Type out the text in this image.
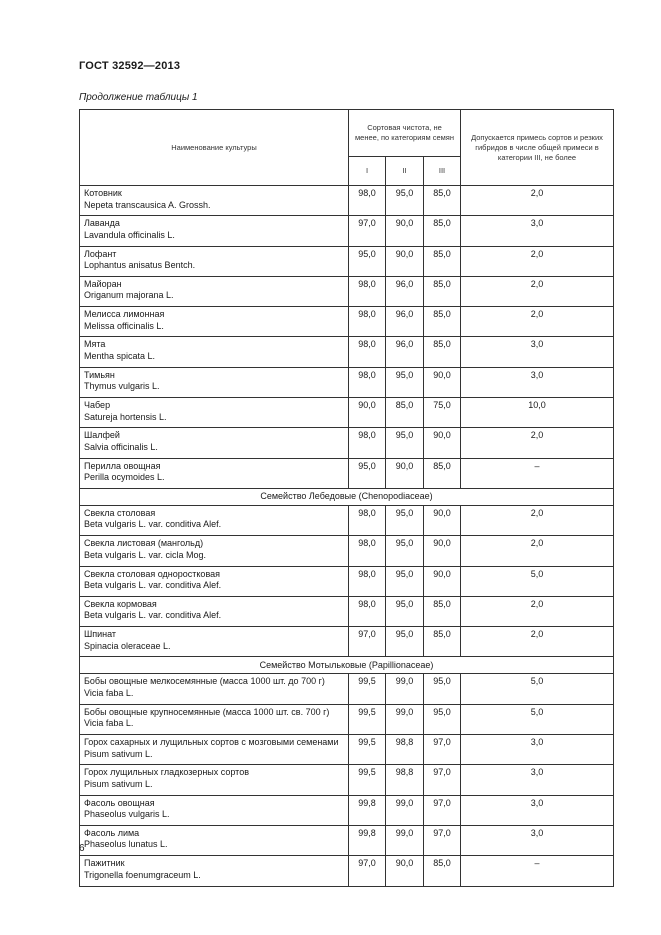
ГОСТ 32592—2013
Продолжение таблицы 1
Наименование культуры	Сортовая чистота, не менее, по категориям семян			Допускается примесь сортов и резких гибридов в числе общей примеси в категории III, не более
	I	II	III	

Котовник
Nepeta transcausica A. Grossh.	98,0	95,0	85,0	2,0

Лаванда
Lavandula officinalis L.	97,0	90,0	85,0	3,0

Лофант
Lophantus anisatus Bentch.	95,0	90,0	85,0	2,0

Майоран
Origanum majorana L.	98,0	96,0	85,0	2,0

Мелисса лимонная
Melissa officinalis L.	98,0	96,0	85,0	2,0

Мята
Mentha spicata L.	98,0	96,0	85,0	3,0

Тимьян
Thymus vulgaris L.	98,0	95,0	90,0	3,0

Чабер
Satureja hortensis L.	90,0	85,0	75,0	10,0

Шалфей
Salvia officinalis L.	98,0	95,0	90,0	2,0

Перилла овощная
Perilla ocymoides L.	95,0	90,0	85,0	–
Семейство Лебедовые (Chenopodiaceae)				

Свекла столовая
Beta vulgaris L. var. conditiva Alef.	98,0	95,0	90,0	2,0

Свекла листовая (мангольд)
Beta vulgaris L. var. cicla Mog.	98,0	95,0	90,0	2,0

Свекла столовая одноростковая
Beta vulgaris L. var. conditiva Alef.	98,0	95,0	90,0	5,0

Свекла кормовая
Beta vulgaris L. var. conditiva Alef.	98,0	95,0	85,0	2,0

Шпинат
Spinacia oleraceae L.	97,0	95,0	85,0	2,0
Семейство Мотыльковые (Papillionaceae)				

Бобы овощные мелкосемянные (масса 1000 шт. до 700 г)
Vicia faba L.	99,5	99,0	95,0	5,0

Бобы овощные крупносемянные (масса 1000 шт. св. 700 г)
Vicia faba L.	99,5	99,0	95,0	5,0

Горох сахарных и лущильных сортов с мозговыми семенами
Pisum sativum L.	99,5	98,8	97,0	3,0

Горох лущильных гладкозерных сортов
Pisum sativum L.	99,5	98,8	97,0	3,0

Фасоль овощная
Phaseolus vulgaris L.	99,8	99,0	97,0	3,0

Фасоль лима
Phaseolus lunatus L.	99,8	99,0	97,0	3,0

Пажитник
Trigonella foenumgraceum L.	97,0	90,0	85,0	–
6
